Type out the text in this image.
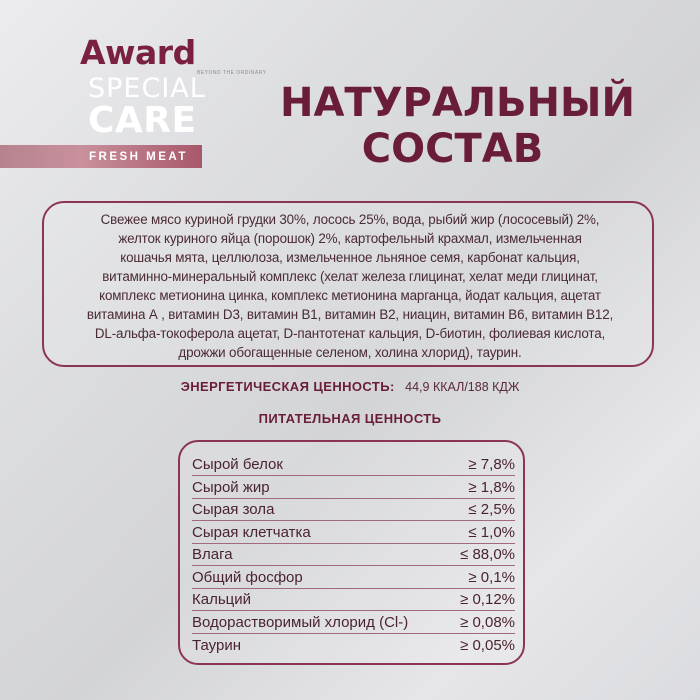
BEYOND THE ORDINARY
Award
SPECIAL
CARE
FRESH MEAT
НАТУРАЛЬНЫЙ
СОСТАВ
Свежее мясо куриной грудки 30%, лосось 25%, вода, рыбий жир (лососевый) 2%,
желток куриного яйца (порошок) 2%, картофельный крахмал, измельченная
кошачья мята, целлюлоза, измельченное льняное семя, карбонат кальция,
витаминно-минеральный комплекс (хелат железа глицинат, хелат меди глицинат,
комплекс метионина цинка, комплекс метионина марганца, йодат кальция, ацетат
витамина А , витамин D3, витамин B1, витамин B2, ниацин, витамин B6, витамин B12,
DL-альфа-токоферола ацетат, D-пантотенат кальция, D-биотин, фолиевая кислота,
дрожжи обогащенные селеном, холина хлорид), таурин.
ЭНЕРГЕТИЧЕСКАЯ ЦЕННОСТЬ: 44,9 ККАЛ/188 КДЖ
ПИТАТЕЛЬНАЯ ЦЕННОСТЬ
Сырой белок	≥ 7,8%
Сырой жир	≥ 1,8%
Сырая зола	≤ 2,5%
Сырая клетчатка	≤ 1,0%
Влага	≤ 88,0%
Общий фосфор	≥ 0,1%
Кальций	≥ 0,12%
Водорастворимый хлорид (Cl-)	≥ 0,08%
Таурин	≥ 0,05%
